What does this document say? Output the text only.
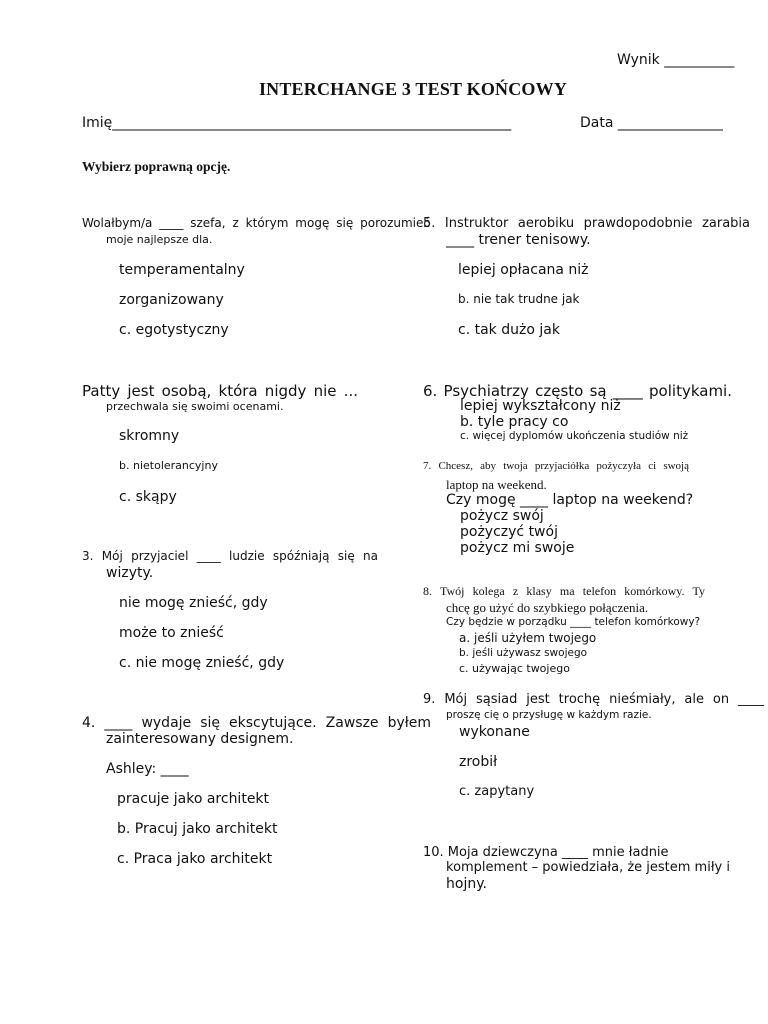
Wynik __________
INTERCHANGE 3 TEST KOŃCOWY
Imię_________________________________________________________	Data _______________
Wybierz poprawną opcję.
Wolałbym/a ____ szefa, z którym mogę się porozumieć
moje najlepsze dla.
temperamentalny
zorganizowany
c. egotystyczny
Patty jest osobą, która nigdy nie ...
przechwala się swoimi ocenami.
skromny
b. nietolerancyjny
c. skąpy
3. Mój przyjaciel ____ ludzie spóźniają się na
wizyty.
nie mogę znieść, gdy
może to znieść
c. nie mogę znieść, gdy
4. ____ wydaje się ekscytujące. Zawsze byłem
zainteresowany designem.
Ashley: ____
pracuje jako architekt
b. Pracuj jako architekt
c. Praca jako architekt
5. Instruktor aerobiku prawdopodobnie zarabia
____ trener tenisowy.
lepiej opłacana niż
b. nie tak trudne jak
c. tak dużo jak
6. Psychiatrzy często są ____ politykami.
lepiej wykształcony niż
b. tyle pracy co
c. więcej dyplomów ukończenia studiów niż
7. Chcesz, aby twoja przyjaciółka pożyczyła ci swoją
laptop na weekend.
Czy mogę ____ laptop na weekend?
pożycz swój
pożyczyć twój
pożycz mi swoje
8. Twój kolega z klasy ma telefon komórkowy. Ty
chcę go użyć do szybkiego połączenia.
Czy będzie w porządku ____ telefon komórkowy?
a. jeśli użyłem twojego
b. jeśli używasz swojego
c. używając twojego
9. Mój sąsiad jest trochę nieśmiały, ale on ____
proszę cię o przysługę w każdym razie.
wykonane
zrobił
c. zapytany
10. Moja dziewczyna ____ mnie ładnie
komplement – powiedziała, że jestem miły i
hojny.
